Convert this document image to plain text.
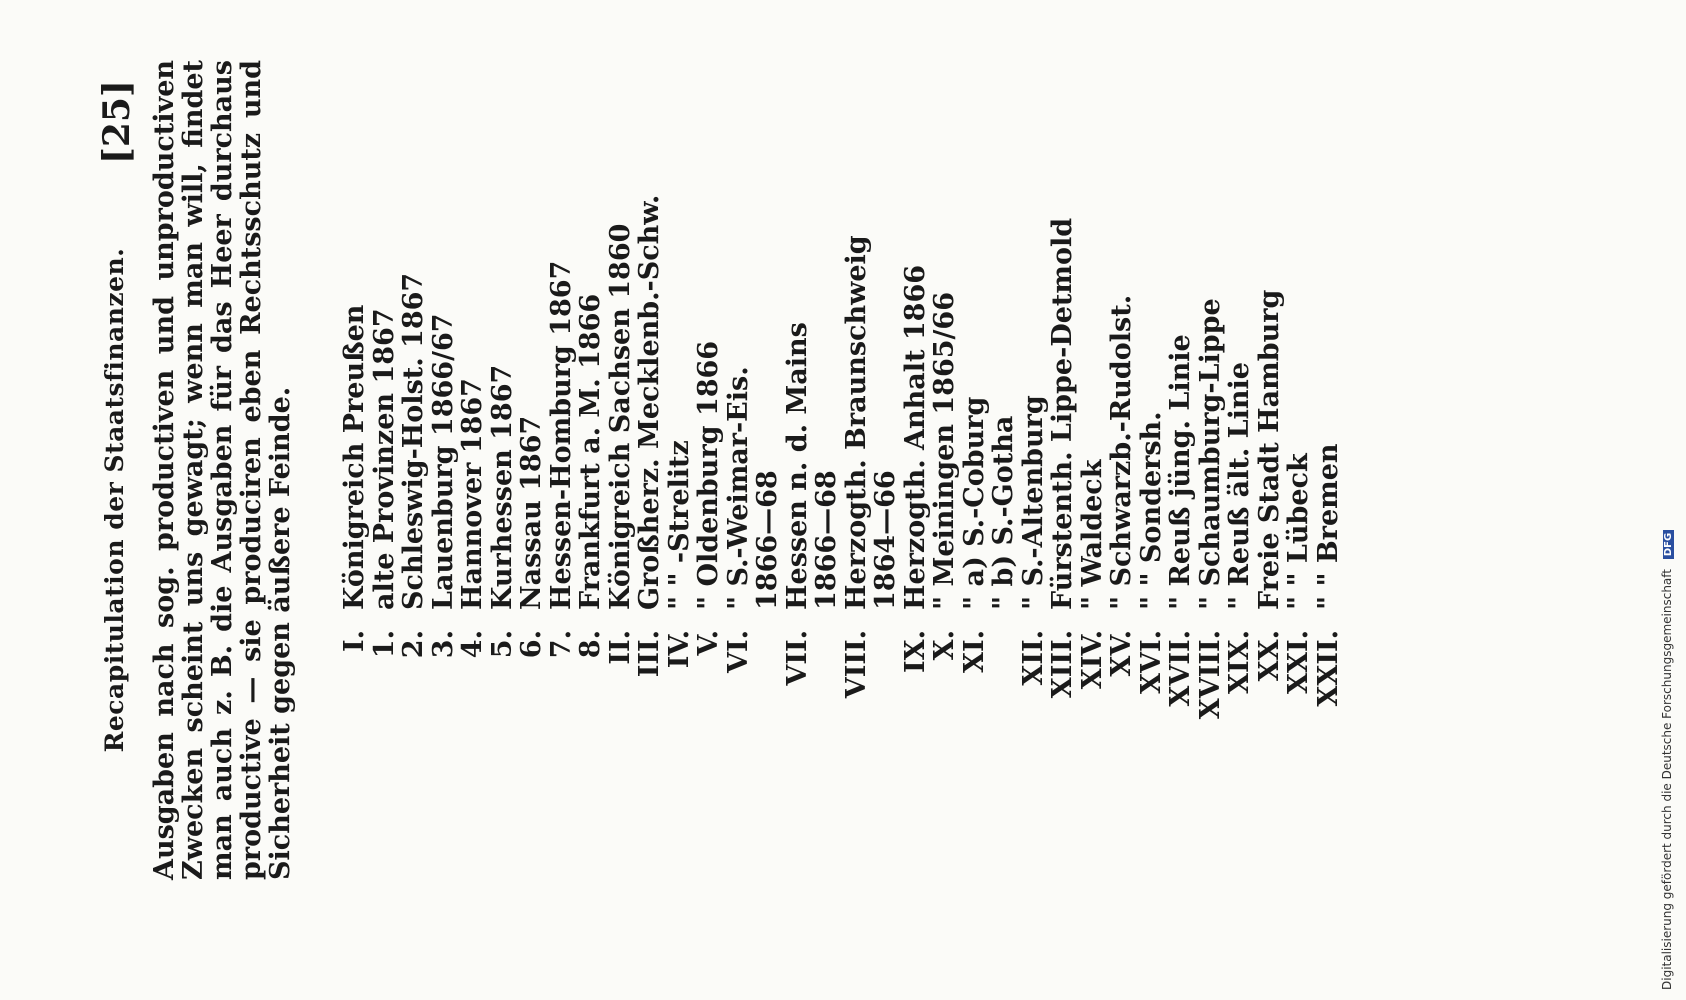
Recapitulation der Staatsfinanzen.
[25] Ausgaben nach sog. productiven und unproductiven Zwecken scheint uns gewagt; wenn man will, findet man auch z. B. die Ausgaben für das Heer durchaus productive — sie produciren eben Rechtsschutz und Sicherheit gegen äußere Feinde. I.
Königreich Preußen
1.
alte Provinzen 1867
2.
Schleswig-Holst. 1867
3.
Lauenburg 1866/67
4.
Hannover 1867
5.
Kurhessen 1867
6.
Nassau 1867
7.
Hessen-Homburg 1867
8.
Frankfurt a. M. 1866
II.
Königreich Sachsen 1860
III.
Großherz. Mecklenb.-Schw.
IV.
" " -Strelitz
V.
" Oldenburg 1866
VI.
" S.-Weimar-Eis.
1866—68
VII.
Hessen n. d. Mains
1866—68
VIII.
Herzogth. Braunschweig
1864—66
IX.
Herzogth. Anhalt 1866
X.
" Meiningen 1865/66
XI.
" a) S.-Coburg
" b) S.-Gotha
XII.
" S.-Altenburg
XIII.
Fürstenth. Lippe-Detmold
XIV.
" Waldeck
XV.
" Schwarzb.-Rudolst.
XVI.
" " Sondersh.
XVII.
" Reuß jüng. Linie
XVIII.
" Schaumburg-Lippe
XIX.
" Reuß ält. Linie
XX.
Freie Stadt Hamburg
XXI.
" " Lübeck
XXII.
" " Bremen
Digitalisierung gefördert durch die Deutsche Forschungsgemeinschaft DFG
